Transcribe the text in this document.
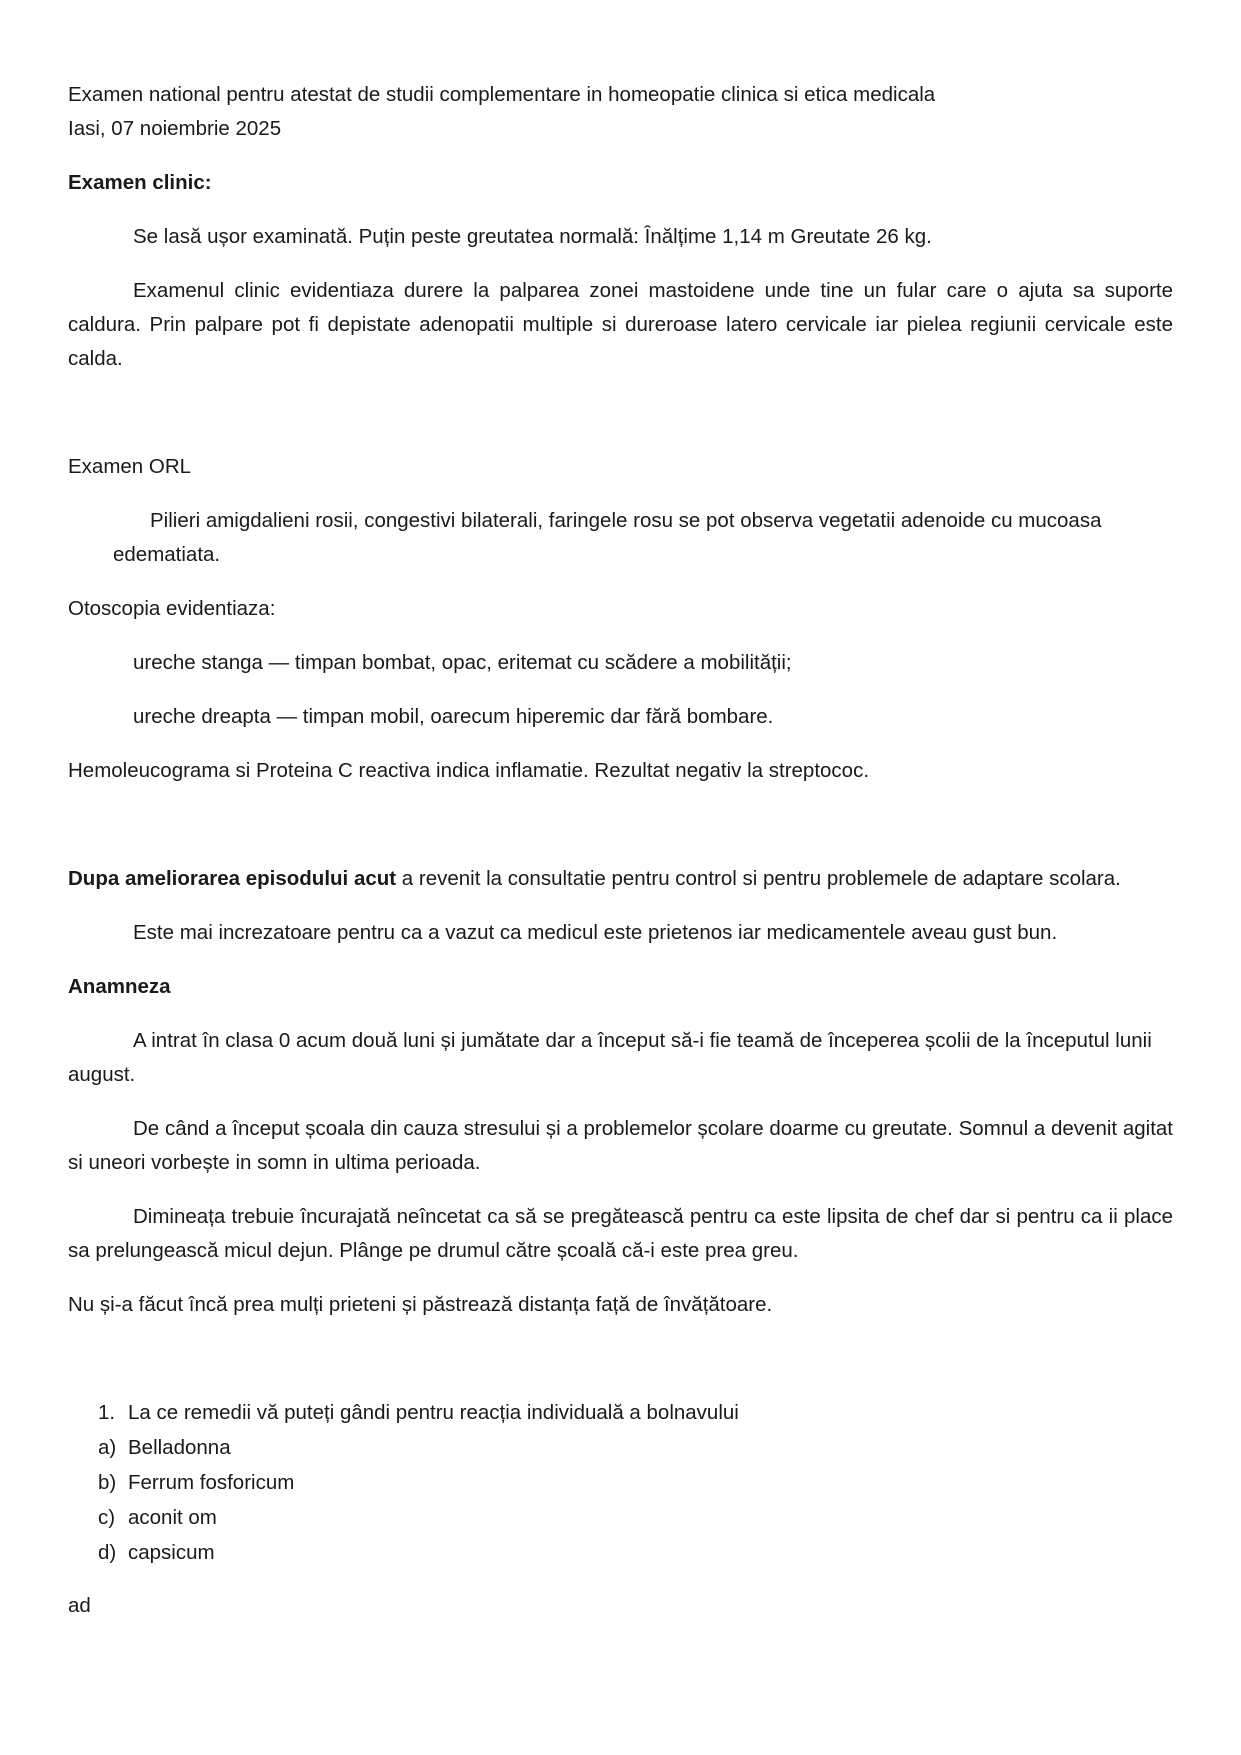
Examen national pentru atestat de studii complementare in homeopatie clinica si etica medicala

Iasi, 07 noiembrie 2025

Examen clinic:

Se lasă ușor examinată. Puțin peste greutatea normală: Înălțime 1,14 m Greutate 26 kg.

Examenul clinic evidentiaza durere la palparea zonei mastoidene unde tine un fular care o ajuta sa suporte caldura. Prin palpare pot fi depistate adenopatii multiple si dureroase latero cervicale iar pielea regiunii cervicale este calda.

Examen ORL

Pilieri amigdalieni rosii, congestivi bilaterali, faringele rosu se pot observa vegetatii adenoide cu mucoasa edematiata.

Otoscopia evidentiaza:

ureche stanga — timpan bombat, opac, eritemat cu scădere a mobilității;

ureche dreapta — timpan mobil, oarecum hiperemic dar fără bombare.

Hemoleucograma si Proteina C reactiva indica inflamatie. Rezultat negativ la streptococ.

Dupa ameliorarea episodului acut a revenit la consultatie pentru control si pentru problemele de adaptare scolara.

Este mai increzatoare pentru ca a vazut ca medicul este prietenos iar medicamentele aveau gust bun.

Anamneza

A intrat în clasa 0 acum două luni și jumătate dar a început să-i fie teamă de începerea școlii de la începutul lunii august.

De când a început școala din cauza stresului și a problemelor școlare doarme cu greutate. Somnul a devenit agitat si uneori vorbește in somn in ultima perioada.

Dimineața trebuie încurajată neîncetat ca să se pregătească pentru ca este lipsita de chef dar si pentru ca ii place sa prelungească micul dejun. Plânge pe drumul către școală că-i este prea greu.

Nu și-a făcut încă prea mulți prieteni și păstrează distanța față de învățătoare.

1. La ce remedii vă puteți gândi pentru reacția individuală a bolnavului
a) Belladonna
b) Ferrum fosforicum
c) aconit om
d) capsicum

ad
